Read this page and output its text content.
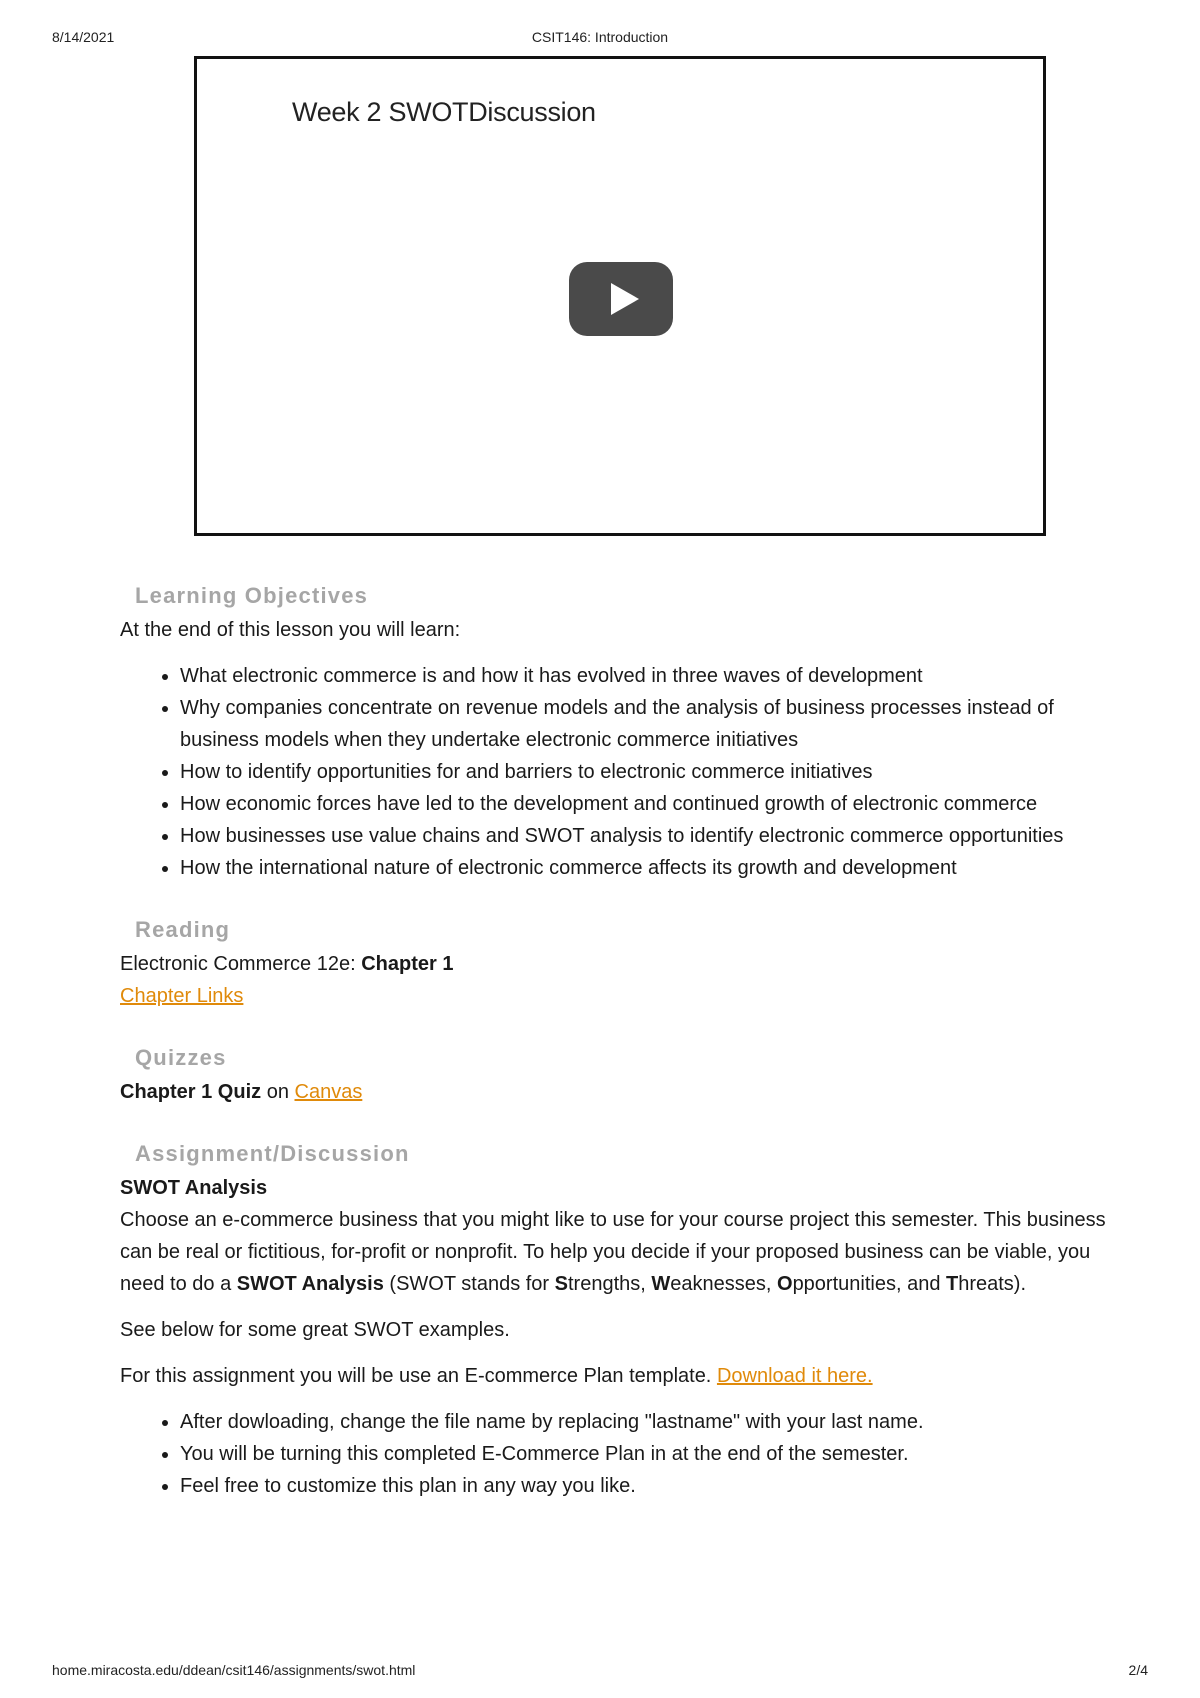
8/14/2021	CSIT146: Introduction
Week 2 SWOTDiscussion
Learning Objectives

At the end of this lesson you will learn:

• What electronic commerce is and how it has evolved in three waves of development
• Why companies concentrate on revenue models and the analysis of business processes instead of business models when they undertake electronic commerce initiatives
• How to identify opportunities for and barriers to electronic commerce initiatives
• How economic forces have led to the development and continued growth of electronic commerce
• How businesses use value chains and SWOT analysis to identify electronic commerce opportunities
• How the international nature of electronic commerce affects its growth and development
Reading

Electronic Commerce 12e: Chapter 1

Chapter Links

Quizzes

Chapter 1 Quiz on Canvas

Assignment/Discussion

SWOT Analysis

Choose an e-commerce business that you might like to use for your course project this semester. This business can be real or fictitious, for-profit or nonprofit. To help you decide if your proposed business can be viable, you need to do a SWOT Analysis (SWOT stands for Strengths, Weaknesses, Opportunities, and Threats).

See below for some great SWOT examples.

For this assignment you will be use an E-commerce Plan template. Download it here.

• After dowloading, change the file name by replacing "lastname" with your last name.
• You will be turning this completed E-Commerce Plan in at the end of the semester.
• Feel free to customize this plan in any way you like.
home.miracosta.edu/ddean/csit146/assignments/swot.html	2/4
